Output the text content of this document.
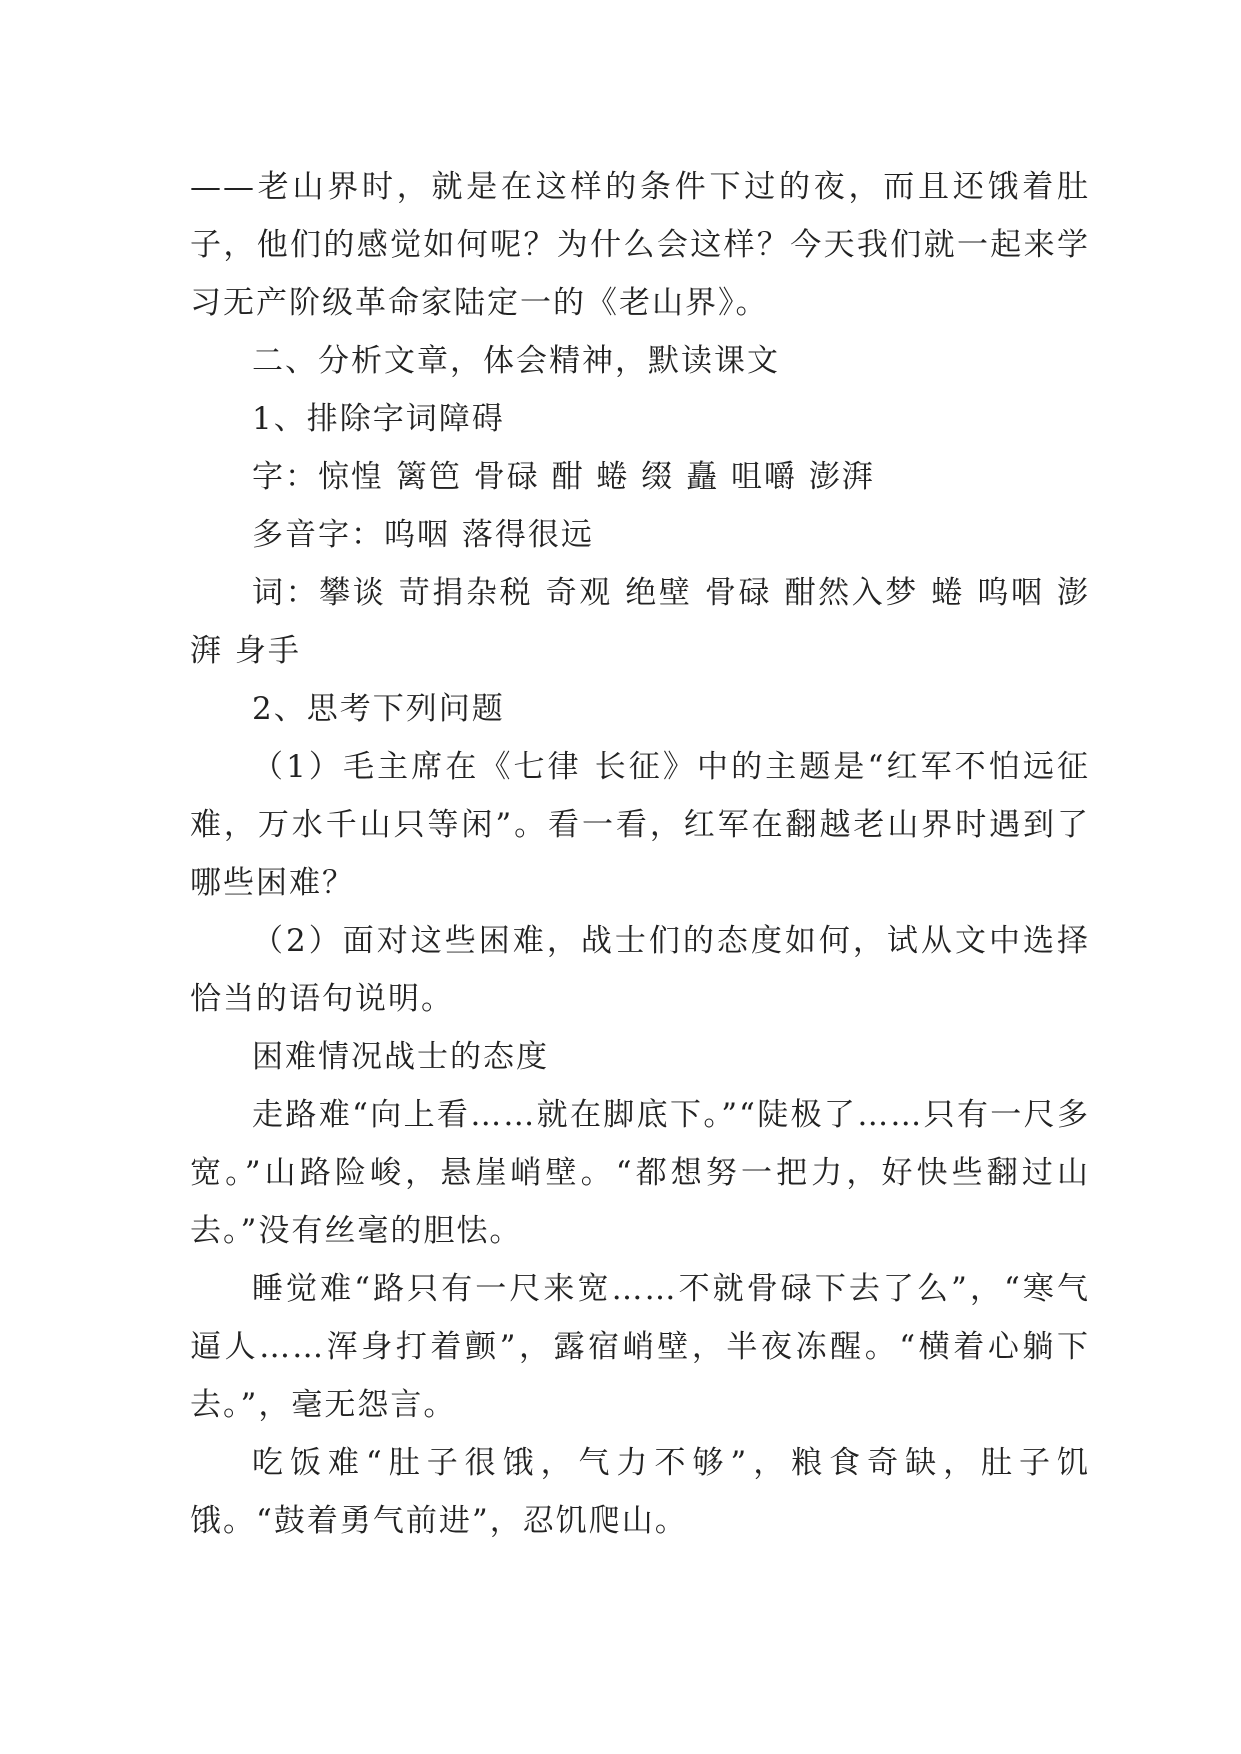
——老山界时，就是在这样的条件下过的夜，而且还饿着肚子，他们的感觉如何呢？为什么会这样？今天我们就一起来学习无产阶级革命家陆定一的《老山界》。

二、分析文章，体会精神，默读课文

1、排除字词障碍

字：惊惶 篱笆 骨碌 酣 蜷 缀 矗 咀嚼 澎湃

多音字：呜咽 落得很远

词：攀谈 苛捐杂税 奇观 绝壁 骨碌 酣然入梦 蜷 呜咽 澎湃 身手

2、思考下列问题

（1）毛主席在《七律 长征》中的主题是“红军不怕远征难，万水千山只等闲”。看一看，红军在翻越老山界时遇到了哪些困难？

（2）面对这些困难，战士们的态度如何，试从文中选择恰当的语句说明。

困难情况战士的态度

走路难“向上看……就在脚底下。”“陡极了……只有一尺多宽。”山路险峻，悬崖峭壁。“都想努一把力，好快些翻过山去。”没有丝毫的胆怯。

睡觉难“路只有一尺来宽……不就骨碌下去了么”，“寒气逼人……浑身打着颤”，露宿峭壁，半夜冻醒。“横着心躺下去。”，毫无怨言。

吃饭难“肚子很饿，气力不够”，粮食奇缺，肚子饥饿。“鼓着勇气前进”，忍饥爬山。
